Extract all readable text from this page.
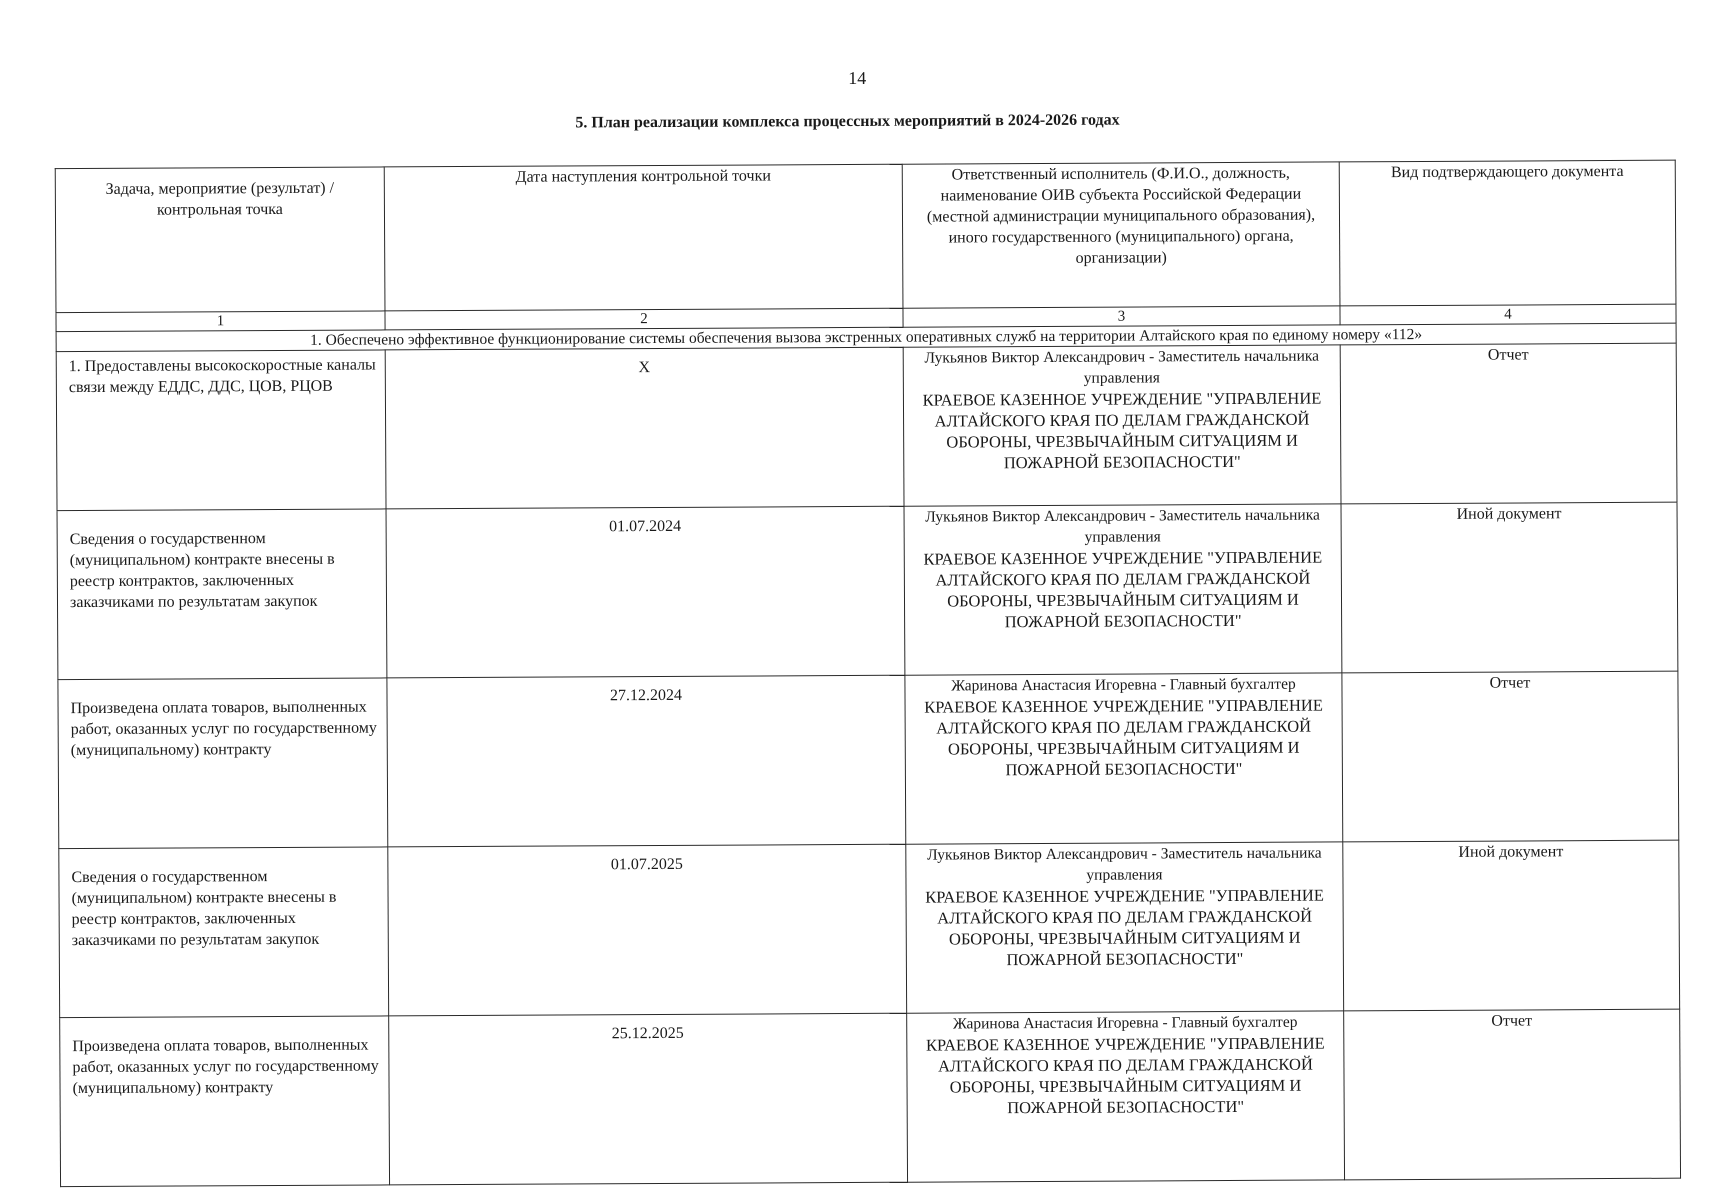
14
5. План реализации комплекса процессных мероприятий в 2024-2026 годах
Задача, мероприятие (результат) / контрольная точка	Дата наступления контрольной точки	Ответственный исполнитель (Ф.И.О., должность, наименование ОИВ субъекта Российской Федерации (местной администрации муниципального образования), иного государственного (муниципального) органа, организации)	Вид подтверждающего документа
1	2	3	4
1. Обеспечено эффективное функционирование системы обеспечения вызова экстренных оперативных служб на территории Алтайского края по единому номеру «112»			
1. Предоставлены высокоскоростные каналы связи между ЕДДС, ДДС, ЦОВ, РЦОВ	X	Лукьянов Виктор Александрович - Заместитель начальника управления
КРАЕВОЕ КАЗЕННОЕ УЧРЕЖДЕНИЕ "УПРАВЛЕНИЕ АЛТАЙСКОГО КРАЯ ПО ДЕЛАМ ГРАЖДАНСКОЙ ОБОРОНЫ, ЧРЕЗВЫЧАЙНЫМ СИТУАЦИЯМ И ПОЖАРНОЙ БЕЗОПАСНОСТИ"	Отчет
Сведения о государственном (муниципальном) контракте внесены в реестр контрактов, заключенных заказчиками по результатам закупок	01.07.2024	Лукьянов Виктор Александрович - Заместитель начальника управления
КРАЕВОЕ КАЗЕННОЕ УЧРЕЖДЕНИЕ "УПРАВЛЕНИЕ АЛТАЙСКОГО КРАЯ ПО ДЕЛАМ ГРАЖДАНСКОЙ ОБОРОНЫ, ЧРЕЗВЫЧАЙНЫМ СИТУАЦИЯМ И ПОЖАРНОЙ БЕЗОПАСНОСТИ"	Иной документ
Произведена оплата товаров, выполненных работ, оказанных услуг по государственному (муниципальному) контракту	27.12.2024	Жаринова Анастасия Игоревна - Главный бухгалтер
КРАЕВОЕ КАЗЕННОЕ УЧРЕЖДЕНИЕ "УПРАВЛЕНИЕ АЛТАЙСКОГО КРАЯ ПО ДЕЛАМ ГРАЖДАНСКОЙ ОБОРОНЫ, ЧРЕЗВЫЧАЙНЫМ СИТУАЦИЯМ И ПОЖАРНОЙ БЕЗОПАСНОСТИ"	Отчет
Сведения о государственном (муниципальном) контракте внесены в реестр контрактов, заключенных заказчиками по результатам закупок	01.07.2025	Лукьянов Виктор Александрович - Заместитель начальника управления
КРАЕВОЕ КАЗЕННОЕ УЧРЕЖДЕНИЕ "УПРАВЛЕНИЕ АЛТАЙСКОГО КРАЯ ПО ДЕЛАМ ГРАЖДАНСКОЙ ОБОРОНЫ, ЧРЕЗВЫЧАЙНЫМ СИТУАЦИЯМ И ПОЖАРНОЙ БЕЗОПАСНОСТИ"	Иной документ
Произведена оплата товаров, выполненных работ, оказанных услуг по государственному (муниципальному) контракту	25.12.2025	Жаринова Анастасия Игоревна - Главный бухгалтер
КРАЕВОЕ КАЗЕННОЕ УЧРЕЖДЕНИЕ "УПРАВЛЕНИЕ АЛТАЙСКОГО КРАЯ ПО ДЕЛАМ ГРАЖДАНСКОЙ ОБОРОНЫ, ЧРЕЗВЫЧАЙНЫМ СИТУАЦИЯМ И ПОЖАРНОЙ БЕЗОПАСНОСТИ"	Отчет
